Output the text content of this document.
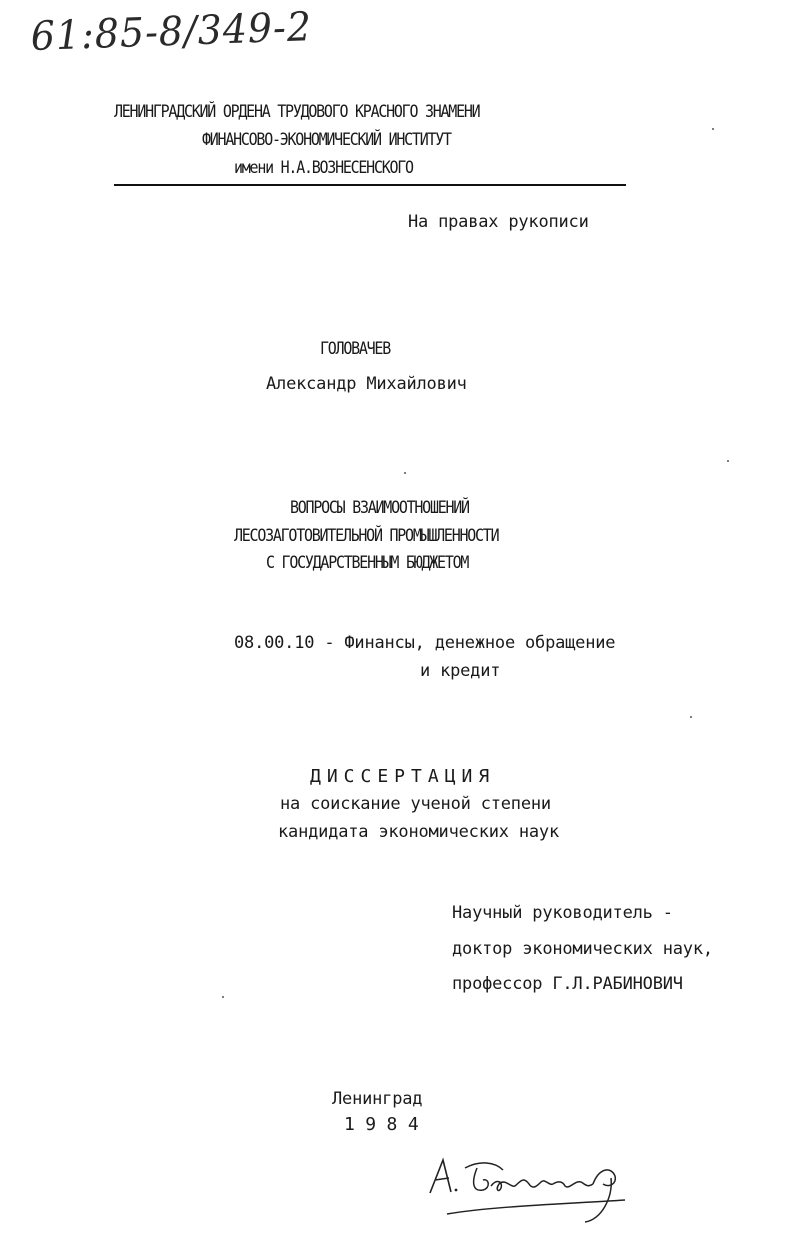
61:85-8/349-2
ЛЕНИНГРАДСКИЙ ОРДЕНА ТРУДОВОГО КРАСНОГО ЗНАМЕНИ
ФИНАНСОВО-ЭКОНОМИЧЕСКИЙ ИНСТИТУТ
имени Н.А.ВОЗНЕСЕНСКОГО
На правах рукописи
ГОЛОВАЧЕВ
Александр Михайлович
ВОПРОСЫ ВЗАИМООТНОШЕНИЙ
ЛЕСОЗАГОТОВИТЕЛЬНОЙ ПРОМЫШЛЕННОСТИ
С ГОСУДАРСТВЕННЫМ БЮДЖЕТОМ
08.00.10 - Финансы, денежное обращение
и кредит
ДИССЕРТАЦИЯ
на соискание ученой степени
кандидата экономических наук
Научный руководитель -
доктор экономических наук,
профессор Г.Л.РАБИНОВИЧ
Ленинград
1 9 8 4
